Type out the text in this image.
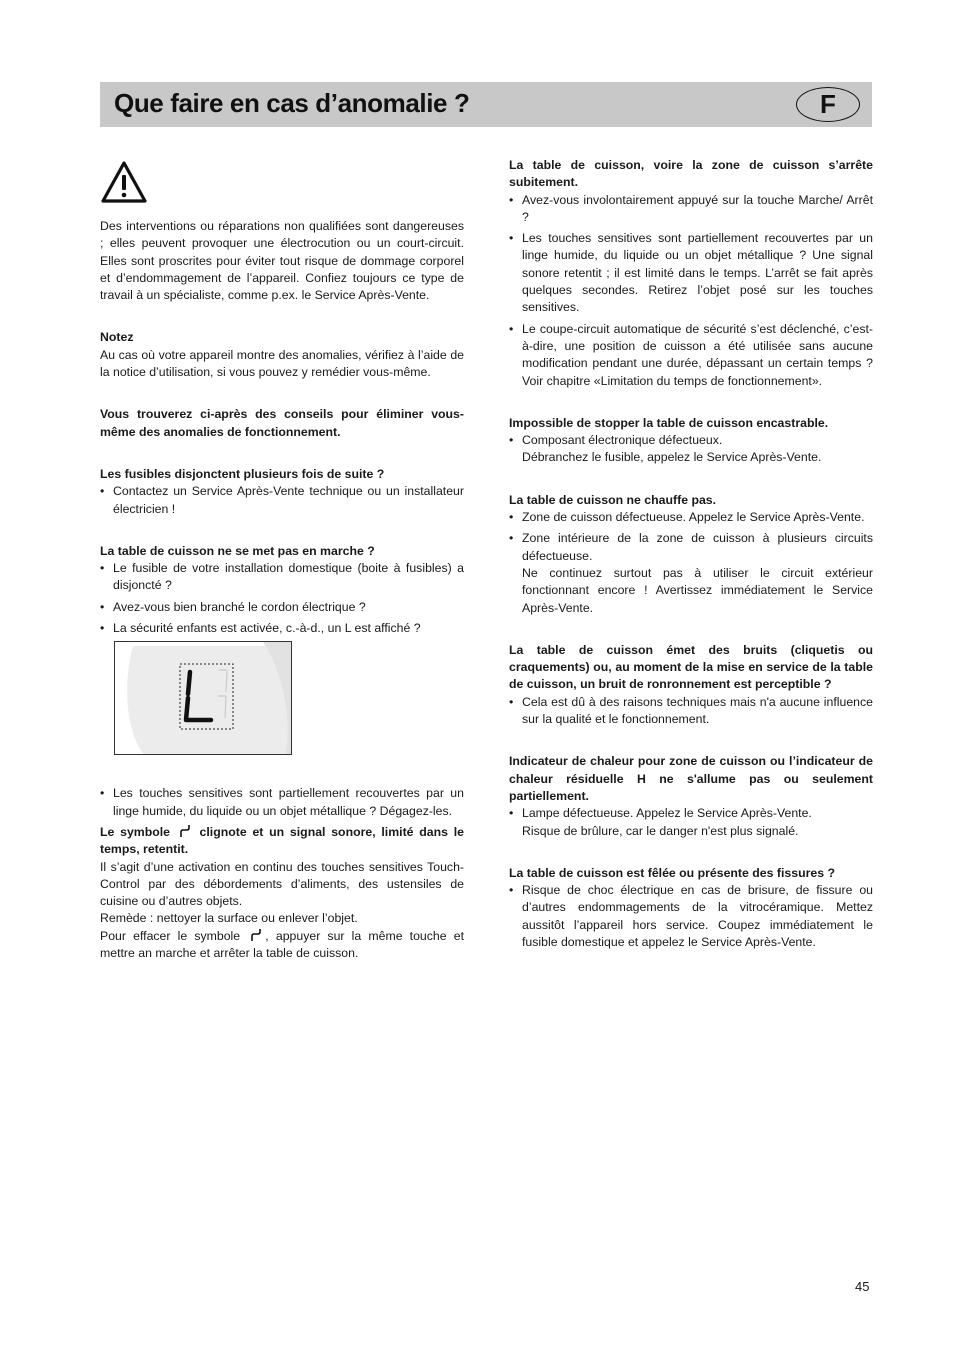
Que faire en cas d’anomalie ?	F

Des interventions ou réparations non qualifiées sont dangereuses ; elles peuvent provoquer une électrocution ou un court-circuit. Elles sont proscrites pour éviter tout risque de dommage corporel et d’endommagement de l’appareil. Confiez toujours ce type de travail à un spécialiste, comme p.ex. le Service Après-Vente.

Notez

Au cas où votre appareil montre des anomalies, vérifiez à l’aide de la notice d’utilisation, si vous pouvez y remédier vous-même.

Vous trouverez ci-après des conseils pour éliminer vous-même des anomalies de fonctionnement.

Les fusibles disjonctent plusieurs fois de suite ?

• Contactez un Service Après-Vente technique ou un installateur électricien !

La table de cuisson ne se met pas en marche ?

• Le fusible de votre installation domestique (boite à fusibles) a disjoncté ?
• Avez-vous bien branché le cordon électrique ?
• La sécurité enfants est activée, c.-à-d., un L est affiché ?
• Les touches sensitives sont partiellement recouvertes par un linge humide, du liquide ou un objet métallique ? Dégagez-les.

Le symbole clignote et un signal sonore, limité dans le temps, retentit.

Il s’agit d’une activation en continu des touches sensitives Touch-Control par des débordements d’aliments, des ustensiles de cuisine ou d’autres objets.

Remède : nettoyer la surface ou enlever l’objet.

Pour effacer le symbole , appuyer sur la même touche et mettre an marche et arrêter la table de cuisson.

La table de cuisson, voire la zone de cuisson s’arrête subitement.

• Avez-vous involontairement appuyé sur la touche Marche/ Arrêt ?
• Les touches sensitives sont partiellement recouvertes par un linge humide, du liquide ou un objet métallique ? Une signal sonore retentit ; il est limité dans le temps. L’arrêt se fait après quelques secondes. Retirez l’objet posé sur les touches sensitives.
• Le coupe-circuit automatique de sécurité s’est déclenché, c’est-à-dire, une position de cuisson a été utilisée sans aucune modification pendant une durée, dépassant un certain temps ? Voir chapitre «Limitation du temps de fonctionnement».

Impossible de stopper la table de cuisson encastrable.

• Composant électronique défectueux.
Débranchez le fusible, appelez le Service Après-Vente.

La table de cuisson ne chauffe pas.

• Zone de cuisson défectueuse. Appelez le Service Après-Vente.
• Zone intérieure de la zone de cuisson à plusieurs circuits défectueuse.
Ne continuez surtout pas à utiliser le circuit extérieur fonctionnant encore ! Avertissez immédiatement le Service Après-Vente.

La table de cuisson émet des bruits (cliquetis ou craquements) ou, au moment de la mise en service de la table de cuisson, un bruit de ronronnement est perceptible ?

• Cela est dû à des raisons techniques mais n'a aucune influence sur la qualité et le fonctionnement.

Indicateur de chaleur pour zone de cuisson ou l’indicateur de chaleur résiduelle H ne s'allume pas ou seulement partiellement.

• Lampe défectueuse. Appelez le Service Après-Vente.
Risque de brûlure, car le danger n'est plus signalé.

La table de cuisson est fêlée ou présente des fissures ?

• Risque de choc électrique en cas de brisure, de fissure ou d’autres endommagements de la vitrocéramique. Mettez aussitôt l’appareil hors service. Coupez immédiatement le fusible domestique et appelez le Service Après-Vente.
45
